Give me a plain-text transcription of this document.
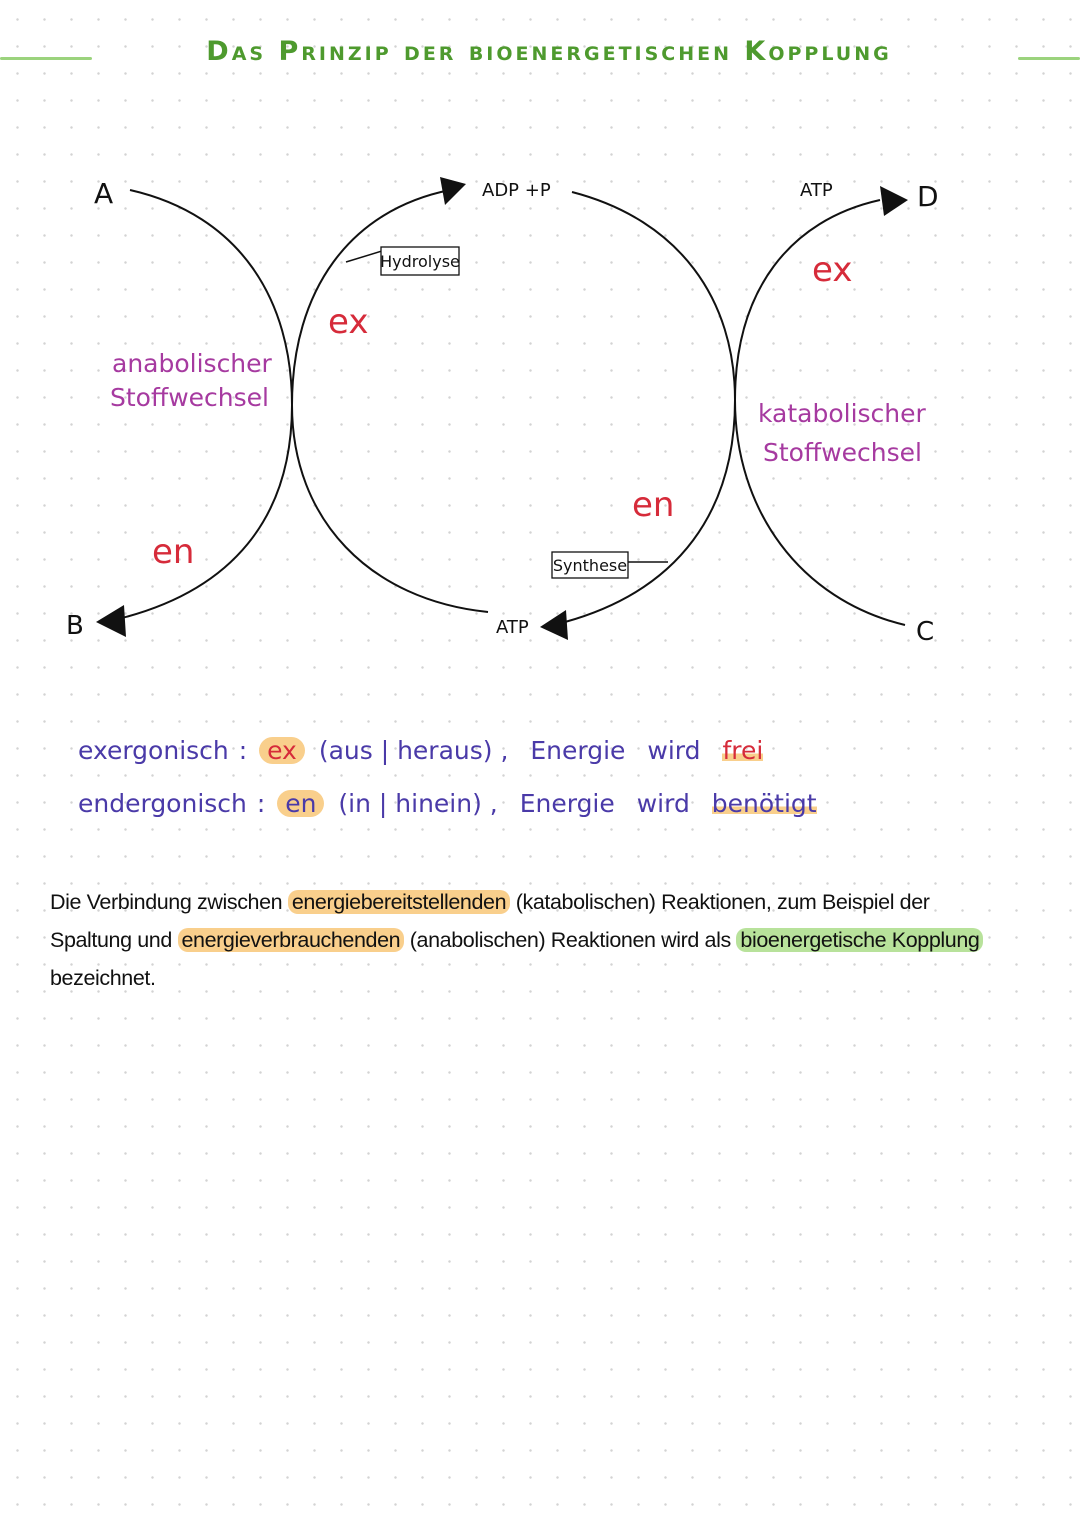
Das Prinzip der bioenergetischen Kopplung
Hydrolyse
Synthese
A
B	C
D
ADP +P	ATP
ATP
ex
ex
en
en
anabolischer
Stoffwechsel
katabolischer
Stoffwechsel
exergonisch : ex (aus | heraus) , Energie wird frei
endergonisch : en (in | hinein) , Energie wird benötigt
Die Verbindung zwischen energiebereitstellenden (katabolischen) Reaktionen, zum Beispiel der Spaltung und energieverbrauchenden (anabolischen) Reaktionen wird als bioenergetische Kopplung bezeichnet.
